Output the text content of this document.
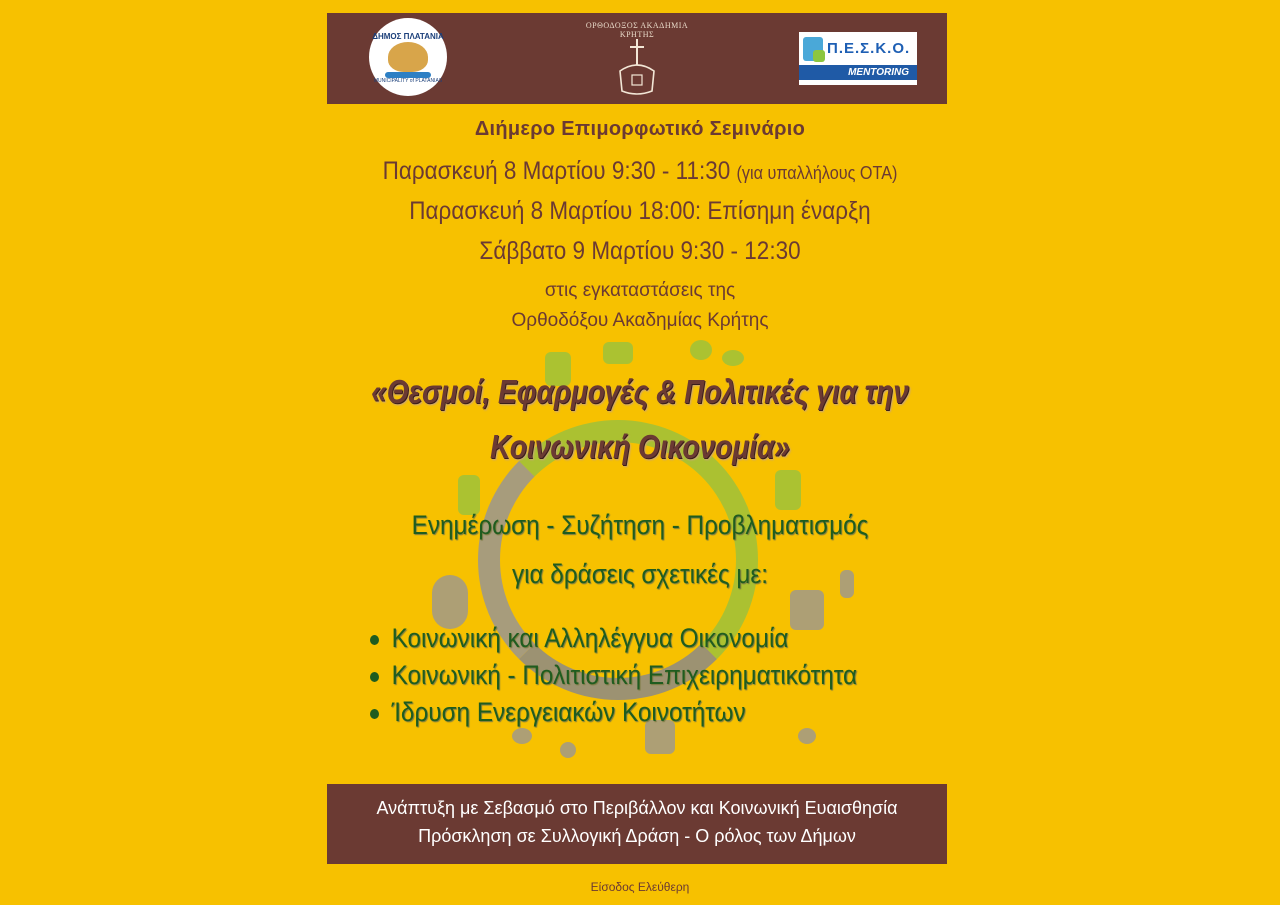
ΔΗΜΟΣ ΠΛΑΤΑΝΙΑ
MUNICIPALITY of PLATANIAS
ΟΡΘΟΔΟΞΟΣ ΑΚΑΔΗΜΙΑ ΚΡΗΤΗΣ
Π.Ε.Σ.Κ.Ο.
MENTORING
Διήμερο Επιμορφωτικό Σεμινάριο
Παρασκευή 8 Μαρτίου 9:30 - 11:30 (για υπαλλήλους ΟΤΑ)
Παρασκευή 8 Μαρτίου 18:00: Επίσημη έναρξη
Σάββατο 9 Μαρτίου 9:30 - 12:30
στις εγκαταστάσεις της
Ορθοδόξου Ακαδημίας Κρήτης
«Θεσμοί, Εφαρμογές & Πολιτικές για την
Κοινωνική Οικονομία»
Ενημέρωση - Συζήτηση - Προβληματισμός
για δράσεις σχετικές με:
Κοινωνική και Αλληλέγγυα Οικονομία
Κοινωνική - Πολιτιστική Επιχειρηματικότητα
Ίδρυση Ενεργειακών Κοινοτήτων
Ανάπτυξη με Σεβασμό στο Περιβάλλον και Κοινωνική Ευαισθησία
Πρόσκληση σε Συλλογική Δράση - Ο ρόλος των Δήμων
Είσοδος Ελεύθερη
